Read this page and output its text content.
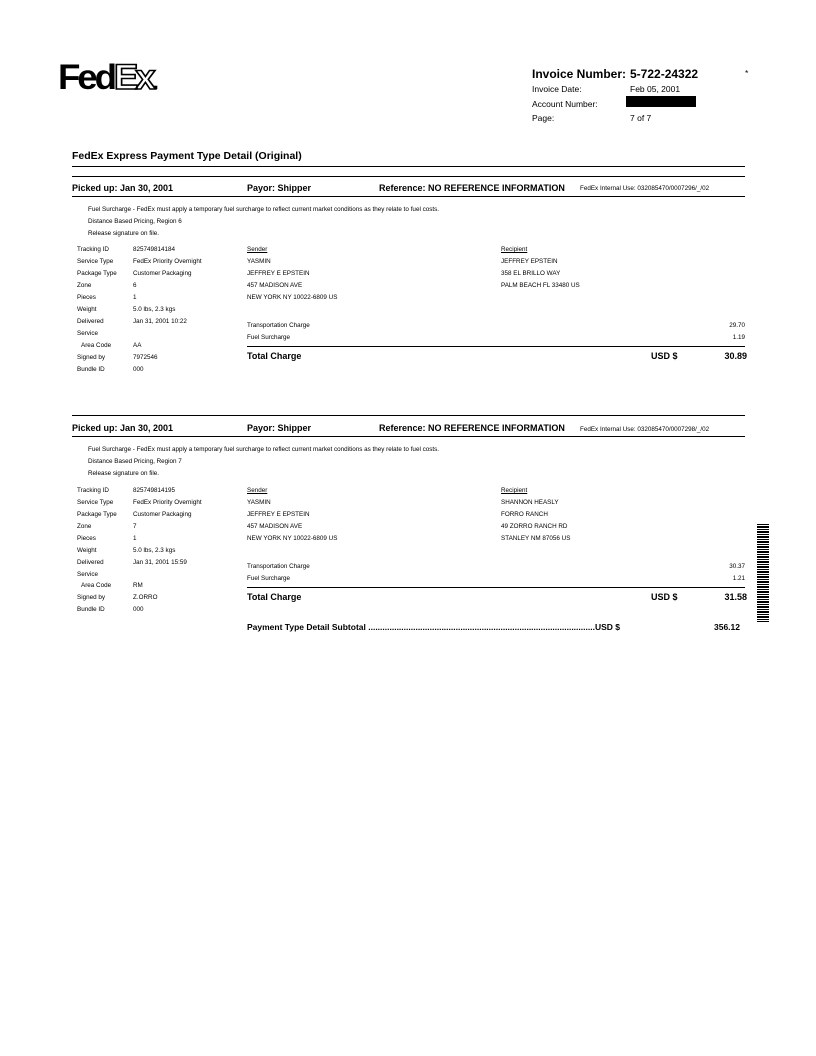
FedEx.	Invoice Number: 5-722-24322	*
Invoice Date:	Feb 05, 2001
Account Number:
Page:	7 of 7
FedEx Express Payment Type Detail (Original)
Picked up: Jan 30, 2001	Payor: Shipper	Reference: NO REFERENCE INFORMATION FedEx Internal Use: 032085470/0007296/_/02
Fuel Surcharge - FedEx must apply a temporary fuel surcharge to reflect current market conditions as they relate to fuel costs.
Distance Based Pricing, Region 6
Release signature on file.
Tracking ID	825749814184
Service Type	FedEx Priority Overnight
Package Type	Customer Packaging
Zone	6
Pieces	1
Weight	5.0 lbs, 2.3 kgs
Delivered	Jan 31, 2001 10:22
Service
Area Code	AA
Signed by	7972546
Bundle ID	000
Sender
YASMIN
JEFFREY E EPSTEIN
457 MADISON AVE
NEW YORK NY 10022-6809 US
Recipient
JEFFREY EPSTEIN
358 EL BRILLO WAY
PALM BEACH FL 33480 US
Transportation Charge	29.70
Fuel Surcharge	1.19
Total Charge	USD $	30.89
Picked up: Jan 30, 2001	Payor: Shipper	Reference: NO REFERENCE INFORMATION FedEx Internal Use: 032085470/0007298/_/02
Fuel Surcharge - FedEx must apply a temporary fuel surcharge to reflect current market conditions as they relate to fuel costs.
Distance Based Pricing, Region 7
Release signature on file.
Tracking ID	825749814195
Service Type	FedEx Priority Overnight
Package Type	Customer Packaging
Zone	7
Pieces	1
Weight	5.0 lbs, 2.3 kgs
Delivered	Jan 31, 2001 15:59
Service
Area Code	RM
Signed by	Z.ORRO
Bundle ID	000
Sender
YASMIN
JEFFREY E EPSTEIN
457 MADISON AVE
NEW YORK NY 10022-6809 US
Recipient
SHANNON HEASLY
FORRO RANCH
49 ZORRO RANCH RD
STANLEY NM 87056 US
Transportation Charge	30.37
Fuel Surcharge	1.21
Total Charge	USD $	31.58
Payment Type Detail Subtotal ................................................................................................USD $	356.12
